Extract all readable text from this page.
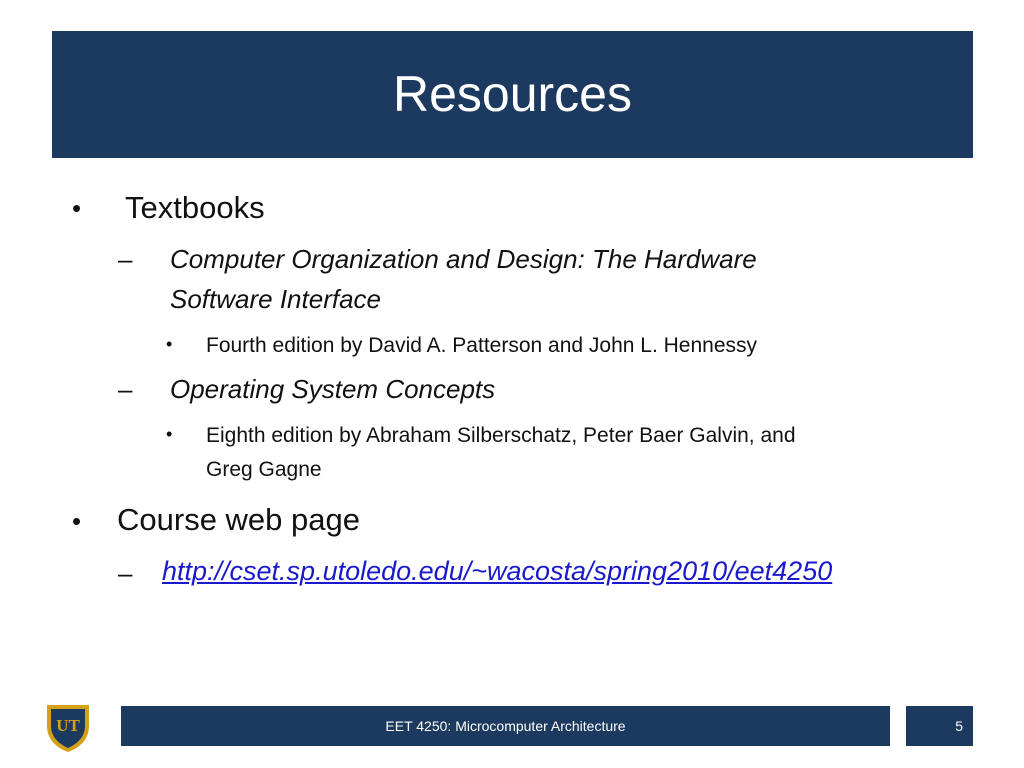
Resources
• Textbooks
– Computer Organization and Design: The Hardware
Software Interface
• Fourth edition by David A. Patterson and John L. Hennessy
– Operating System Concepts
• Eighth edition by Abraham Silberschatz, Peter Baer Galvin, and
Greg Gagne
• Course web page
– http://cset.sp.utoledo.edu/~wacosta/spring2010/eet4250
UT	EET 4250: Microcomputer Architecture	5
